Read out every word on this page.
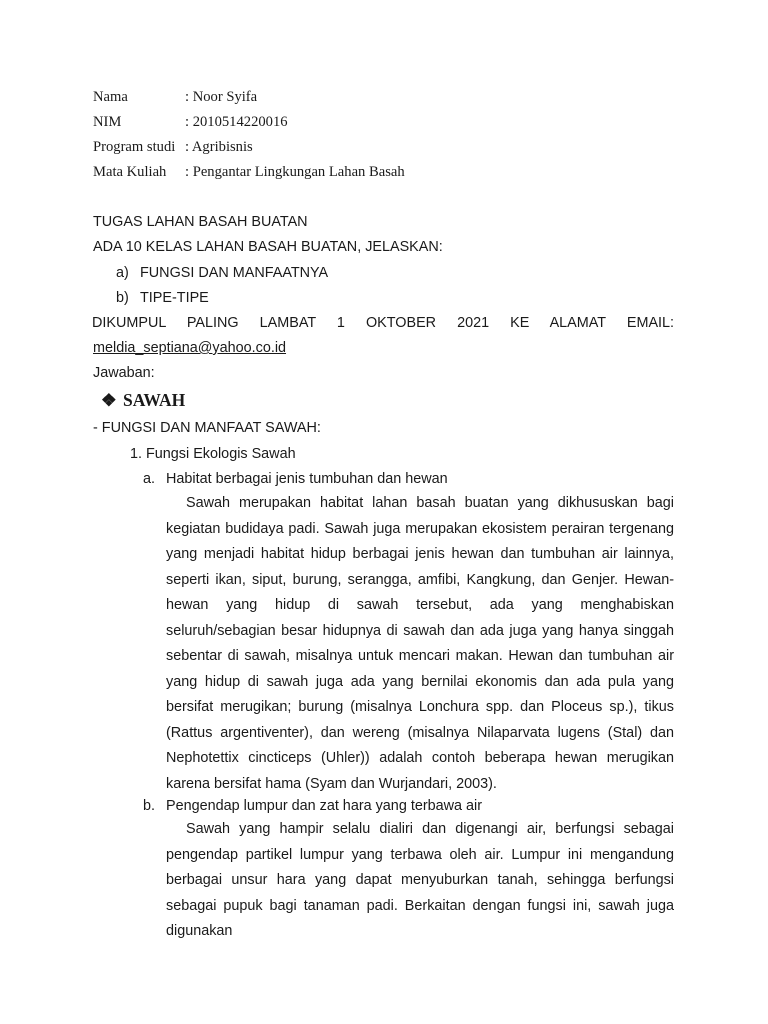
Nama	: Noor Syifa
NIM	: 2010514220016
Program studi : Agribisnis
Mata Kuliah : Pengantar Lingkungan Lahan Basah
TUGAS LAHAN BASAH BUATAN
ADA 10 KELAS LAHAN BASAH BUATAN, JELASKAN:
a) FUNGSI DAN MANFAATNYA
b) TIPE-TIPE
DIKUMPUL PALING LAMBAT 1 OKTOBER 2021 KE ALAMAT EMAIL:
meldia_septiana@yahoo.co.id
Jawaban:
❖ SAWAH
- FUNGSI DAN MANFAAT SAWAH:
1. Fungsi Ekologis Sawah
a. Habitat berbagai jenis tumbuhan dan hewan
Sawah merupakan habitat lahan basah buatan yang dikhususkan bagi kegiatan budidaya padi. Sawah juga merupakan ekosistem perairan tergenang yang menjadi habitat hidup berbagai jenis hewan dan tumbuhan air lainnya, seperti ikan, siput, burung, serangga, amfibi, Kangkung, dan Genjer. Hewan-hewan yang hidup di sawah tersebut, ada yang menghabiskan seluruh/sebagian besar hidupnya di sawah dan ada juga yang hanya singgah sebentar di sawah, misalnya untuk mencari makan. Hewan dan tumbuhan air yang hidup di sawah juga ada yang bernilai ekonomis dan ada pula yang bersifat merugikan; burung (misalnya Lonchura spp. dan Ploceus sp.), tikus (Rattus argentiventer), dan wereng (misalnya Nilaparvata lugens (Stal) dan Nephotettix cincticeps (Uhler)) adalah contoh beberapa hewan merugikan karena bersifat hama (Syam dan Wurjandari, 2003).
b. Pengendap lumpur dan zat hara yang terbawa air
Sawah yang hampir selalu dialiri dan digenangi air, berfungsi sebagai pengendap partikel lumpur yang terbawa oleh air. Lumpur ini mengandung berbagai unsur hara yang dapat menyuburkan tanah, sehingga berfungsi sebagai pupuk bagi tanaman padi. Berkaitan dengan fungsi ini, sawah juga digunakan
